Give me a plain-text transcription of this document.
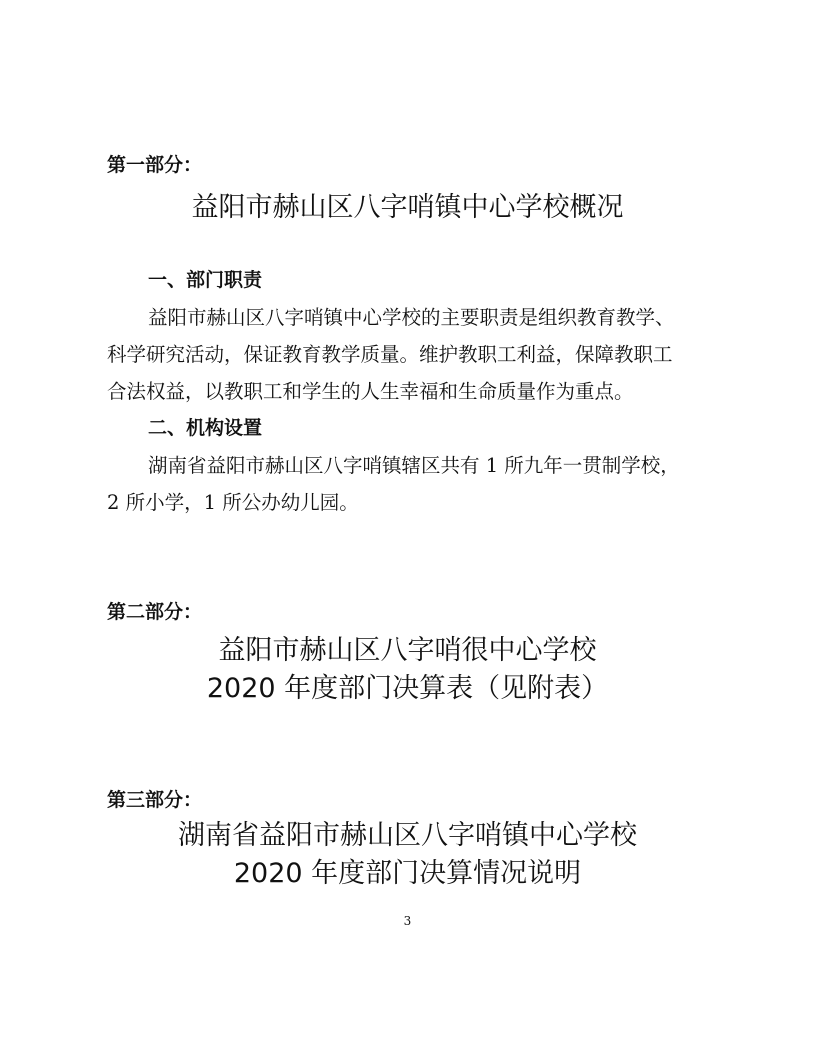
第一部分：
益阳市赫山区八字哨镇中心学校概况
一、部门职责
益阳市赫山区八字哨镇中心学校的主要职责是组织教育教学、
科学研究活动，保证教育教学质量。维护教职工利益，保障教职工
合法权益，以教职工和学生的人生幸福和生命质量作为重点。
二、机构设置
湖南省益阳市赫山区八字哨镇辖区共有 1 所九年一贯制学校，
2 所小学，1 所公办幼儿园。
第二部分：
益阳市赫山区八字哨很中心学校
2020 年度部门决算表（见附表）
第三部分：
湖南省益阳市赫山区八字哨镇中心学校
2020 年度部门决算情况说明
3
